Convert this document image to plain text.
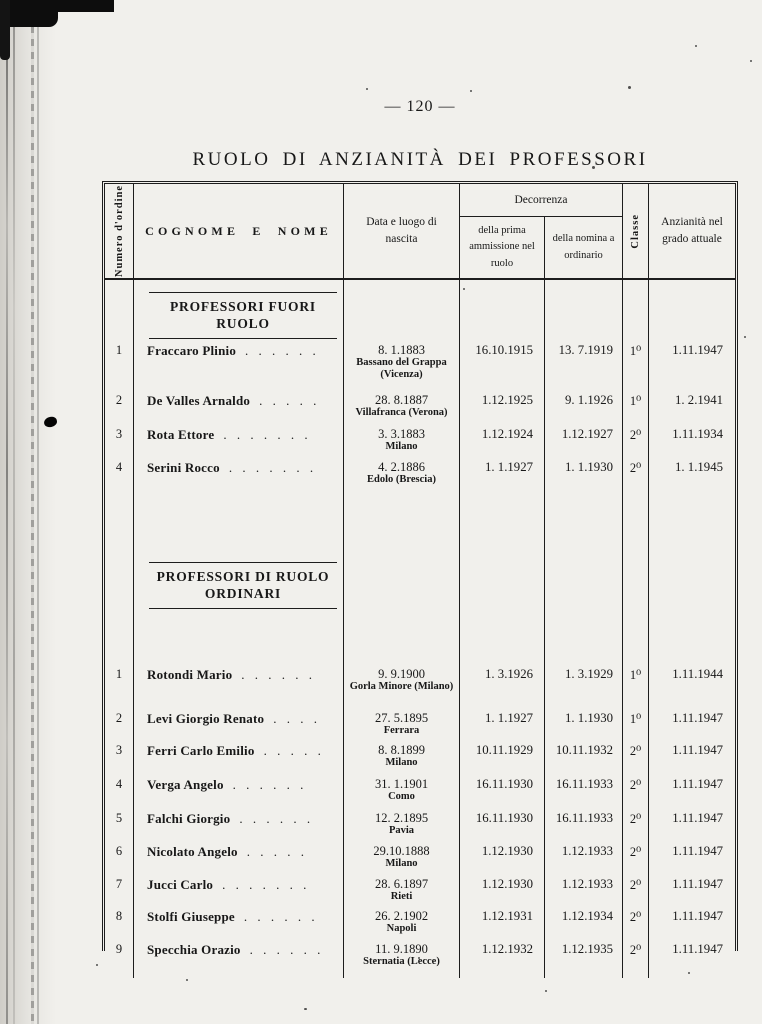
— 120 —
RUOLO DI ANZIANITÀ DEI PROFESSORI
Numero d'ordine COGNOME E NOME
Data e luogo di nascita
Decorrenza
della prima ammissione nel ruolo
della nomina a ordinario
Classe	Anzianità nel grado attuale
PROFESSORI FUORI RUOLO
1	Fraccaro Plinio . . . . . .	8. 1.1883
Bassano del Grappa (Vicenza)
16.10.1915	13. 7.1919	1⁰	1.11.1947
2	De Valles Arnaldo . . . . .	28. 8.1887
Villafranca (Verona)
1.12.1925	9. 1.1926	1⁰	1. 2.1941
3	Rota Ettore . . . . . . .	3. 3.1883
Milano
1.12.1924	1.12.1927	2⁰	1.11.1934
4	Serini Rocco . . . . . . .	4. 2.1886
Edolo (Brescia)
1. 1.1927	1. 1.1930	2⁰	1. 1.1945
PROFESSORI DI RUOLO
ORDINARI
1	Rotondi Mario . . . . . .	9. 9.1900
Gorla Minore (Milano)
1. 3.1926	1. 3.1929	1⁰	1.11.1944
2	Levi Giorgio Renato . . . .	27. 5.1895
Ferrara
1. 1.1927	1. 1.1930	1⁰	1.11.1947
3	Ferri Carlo Emilio . . . . .	8. 8.1899
Milano
10.11.1929	10.11.1932	2⁰	1.11.1947
4	Verga Angelo . . . . . .	31. 1.1901
Como
16.11.1930	16.11.1933	2⁰	1.11.1947
5	Falchi Giorgio . . . . . .	12. 2.1895
Pavia
16.11.1930	16.11.1933	2⁰	1.11.1947
6	Nicolato Angelo . . . . .	29.10.1888
Milano
1.12.1930	1.12.1933	2⁰	1.11.1947
7	Jucci Carlo . . . . . . .	28. 6.1897
Rieti
1.12.1930	1.12.1933	2⁰	1.11.1947
8	Stolfi Giuseppe . . . . . .	26. 2.1902
Napoli
1.12.1931	1.12.1934	2⁰	1.11.1947
9	Specchia Orazio . . . . . .	11. 9.1890
Sternatia (Lecce)
1.12.1932	1.12.1935	2⁰	1.11.1947
